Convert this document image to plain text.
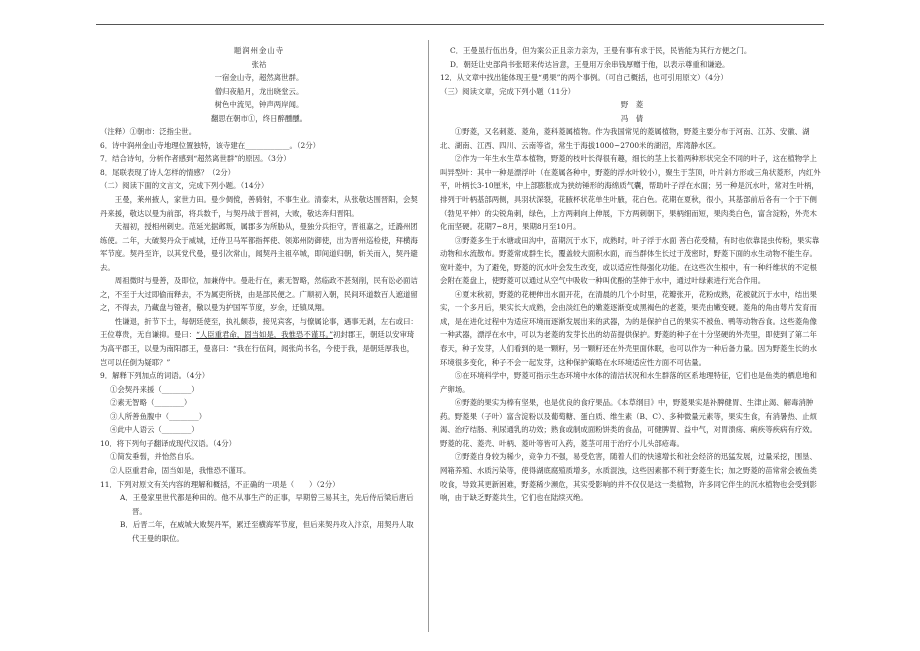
题润州金山寺

张祜

一宿金山寺，超然离世群。

僧归夜船月，龙出晓堂云。

树色中流见，钟声两岸闻。

翻思在朝市①，终日醉醺醺。

（注释）①朝市：泛指尘世。

6．诗中润州金山寺地理位置独特，该寺建在____________。（2分）

7．结合诗句，分析作者感到“超然离世群”的原因。（3分）

8．尾联表现了诗人怎样的情感？（2分）

（二）阅读下面的文言文，完成下列小题。（14分）

王曼，莱州掖人，家世力田。曼少倜傥，善骑射，不事生业。清泰末，从张敬达围晋阳，会契丹来援，敬达以曼为前部，将兵数千，与契丹战于晋祠，大败，敬达奔归晋阳。

天福初，授相州刺史。范延光据邺叛，属郡多为所胁从，曼独分兵拒守，晋祖嘉之，迁潞州团练使。二年，大破契丹众于威城，迁侍卫马军都指挥使、领郑州防御使，出为晋州巡检使，拜横海军节度。契丹至许，以其党代曼，曼引次常山，闻契丹主祖卒城，即间道归朝，斩关而入，契丹避去。

周祖微时与曼善，及即位，加兼侍中。曼赴行在，素无智略，然临政不甚刻削，民有讼必面诘之，不至于大过即偷而释去，不为属吏所挠，由是部民便之。广顺初入朝，民间环道数百人遮道留之，不得去，乃藏盘与镫者，儆以曼为护国军节度，岁余，迁镇凤翔。

性谦退，折节下士，每朝廷使至，执礼颇恭，接见宾客，与僚属论事，遇事无剥，左右或曰：王位尊贵，无自谦抑。曼曰：“人臣重君命，固当如是，我惟恐不谨耳。”初封郡王，朝廷以安审琦为高平郡王，以曼为南阳郡王，曼喜曰：“我在行伍间，闻张尚书名，今使于我，是朝廷厚我也，岂可以任倒为疑耶？”

9．解释下列加点的词语。（4分）

①会契丹来援（________）

②素无智略（________）

③人所善鱼腹中（________）

④此中人语云（________）

10．将下列句子翻译成现代汉语。（4分）

①简发垂髫，并怡然自乐。

②人臣重君命，固当如是，我惟恐不谨耳。

11．下列对原文有关内容的理解和概括，不正确的一项是（　　）（2分）

A．王曼家里世代都是种田的。他不从事生产的正事，早期曾三易其主，先后侍后梁后唐后晋。

B．后晋二年，在威城大败契丹军，累迁至横海军节度，但后来契丹攻入汴京，用契丹人取代王曼的职位。

C．王曼虽行伍出身，但为案公正且亲力亲为，王曼有事有求于民，民皆能为其行方便之门。

D．朝廷让史部尚书张昭来传达旨意，王曼用万余串钱厚赠于他，以表示尊重和谦逊。

12．从文章中找出能体现王曼“勇果”的两个事例。（可自己概括，也可引用原文）（4分）

（三）阅读文章，完成下列小题（11分）

野　菱

冯　倩

①野菱，又名刺菱、菱角，菱科菱属植物。作为我国常见的菱属植物，野菱主要分布于河南、江苏、安徽、湖北、湖南、江西、四川、云南等省，常生于海拔1000~2700米的湖沼，库湾静水区。

②作为一年生水生草本植物，野菱的枝叶长得很有趣，细长的茎上长着两种形状完全不同的叶子，这在植物学上叫异型叶：其中一种是漂浮叶（在菱属各种中，野菱的浮水叶较小），聚生于茎顶，叶片斜方形或三角状菱形，内红外平，叶柄长3-10厘米，中上部膨胀成为狭纺锤形的海绵质气囊，帮助叶子浮在水面；另一种是沉水叶，常对生叶柄，排列于叶柄基部两侧，具羽状深裂，花腋杯状花单生叶腋，花白色。花期在夏秋，很小，其基部前后各有一个于下侧（勃见平伸）的尖锐角刺，绿色，上方两刺向上伸展，下方两刺朝下，果柄细而短，果肉类白色，富含淀粉，外壳木化而坚硬。花期7~8月，果期8月至10月。

③野菱多生于水塘或田沟中，苗期沉于水下，成熟时，叶子浮于水面 菩白花受精，有时也依靠昆虫传粉，果实靠动物和水流散布。野菱常成群生长，覆盖较大面积水面，而当群体生长过于茂密时，野菱下面的水生动物不能生存。宽叶菱中，为了避免，野菱的沉水叶会发生改变，或以适应性得强化功能。在这些次生根中，有一种纤维状的不定根会附在菱盘上，使野菱可以通过从空气中吸收一种叫优酚的茎伸于水中，通过叶绿素进行光合作用。

④夏末秋初，野菱的花梗伸出水面开花，在清晨的几个小时里，花瓣张开，花粉成熟，花被就沉于水中，结出果实，一个多月后，果实长大成熟，会由淡红色的嫩菱逐渐变成黑褐色的老菱，果壳由嫩变硬。菱角的角由萼片发育而成，是在进化过程中为适应环境而逐渐发展出来的武器，为的是保护自己的果实不被鱼、鸭等动物吞食。这些菱角像一种武器，漂浮在水中，可以为老菱的发芽长出的幼苗提供保护。野菱的种子在十分坚硬的外壳里，即使到了第二年春天，种子发芽，人们看到的是一颗籽，另一颗籽还在外壳里面休眠，也可以作为一种后备力量。因为野菱生长的水环境很多变化，种子不会一起发芽，这种保护策略在水环境适应性方面不可估量。

⑤在环境科学中，野菱可指示生态环境中水体的清洁状况和水生群落的区系地理特征，它们也是鱼类的栖息地和产卵场。

⑥野菱的果实为棒有坚果，也是优良的食疗果品。《本草纲目》中，野菱果实是补脾健胃、生津止渴、解毒消肿药。野菱果（子叶）富含淀粉以及葡萄糖、蛋白质、维生素（B、C）、多种微量元素等，果实生食，有消暑热、止烦渴、治疗结肠、利尿通乳的功效；熟食或制成面粉饼类的食品，可健脾胃、益中气，对胃溃疡、痢疾等疾病有疗效。野菱的花、菱壳、叶柄、菱叶等皆可入药，菱茎可用于治疗小儿头部疮毒。

⑦野菱自身较为稀少，竞争力不强，易受危害，随着人们的快速增长和社会经济的迅猛发展，过量采挖，围垦、网箱养殖、水质污染等，使得湖底腐殖质增多，水质混浊，这些因素都不利于野菱生长；加之野菱的苗常常会被鱼类咬食，导致其更新困难，野菱稀少濒危，其实受影响的并不仅仅是这一类植物，许多同它伴生的沉水植物也会受到影响，由于缺乏野菱共生，它们也在陆续灭绝。
